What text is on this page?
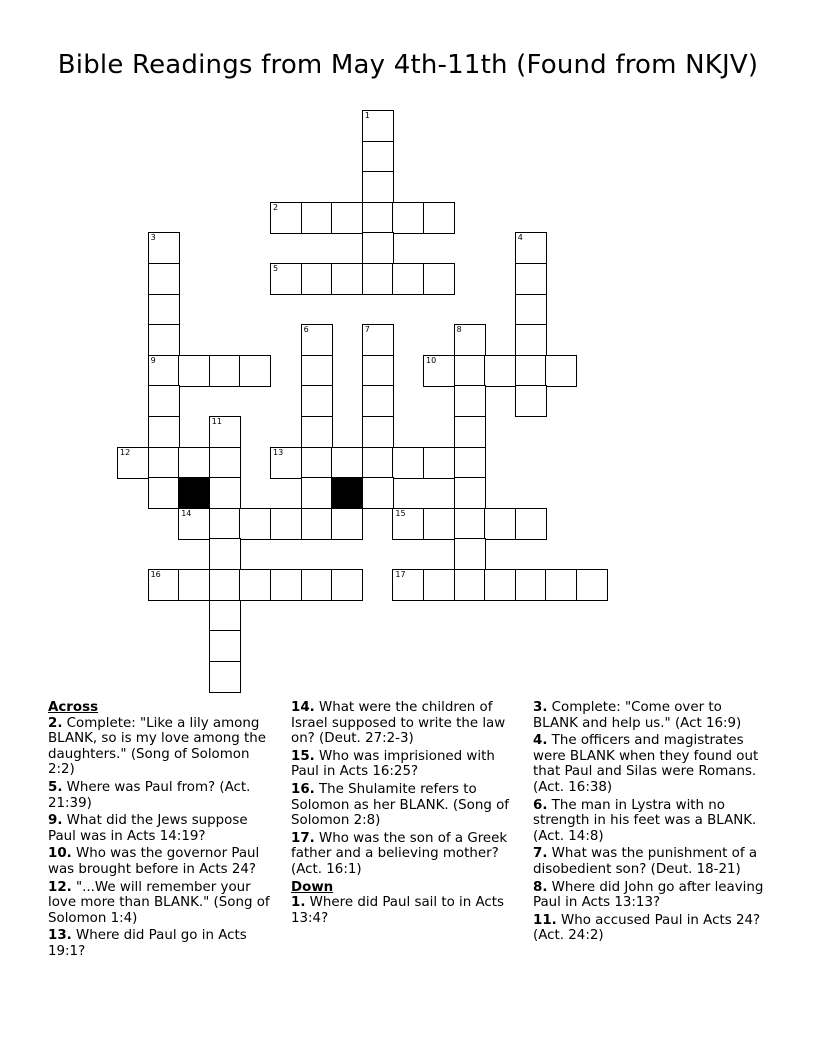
Bible Readings from May 4th-11th (Found from NKJV)
1
2
3	4
5
6	7	8
9	10
11
12	13
14	15
16	17
Across
2. Complete: "Like a lily among BLANK, so is my love among the daughters." (Song of Solomon 2:2)
5. Where was Paul from? (Act. 21:39)
9. What did the Jews suppose Paul was in Acts 14:19?
10. Who was the governor Paul was brought before in Acts 24?
12. "...We will remember your love more than BLANK." (Song of Solomon 1:4)
13. Where did Paul go in Acts 19:1?
14. What were the children of Israel supposed to write the law on? (Deut. 27:2-3)
15. Who was imprisioned with Paul in Acts 16:25?
16. The Shulamite refers to Solomon as her BLANK. (Song of Solomon 2:8)
17. Who was the son of a Greek father and a believing mother? (Act. 16:1)
Down
1. Where did Paul sail to in Acts 13:4?
3. Complete: "Come over to BLANK and help us." (Act 16:9)
4. The officers and magistrates were BLANK when they found out that Paul and Silas were Romans. (Act. 16:38)
6. The man in Lystra with no strength in his feet was a BLANK. (Act. 14:8)
7. What was the punishment of a disobedient son? (Deut. 18-21)
8. Where did John go after leaving Paul in Acts 13:13?
11. Who accused Paul in Acts 24? (Act. 24:2)
